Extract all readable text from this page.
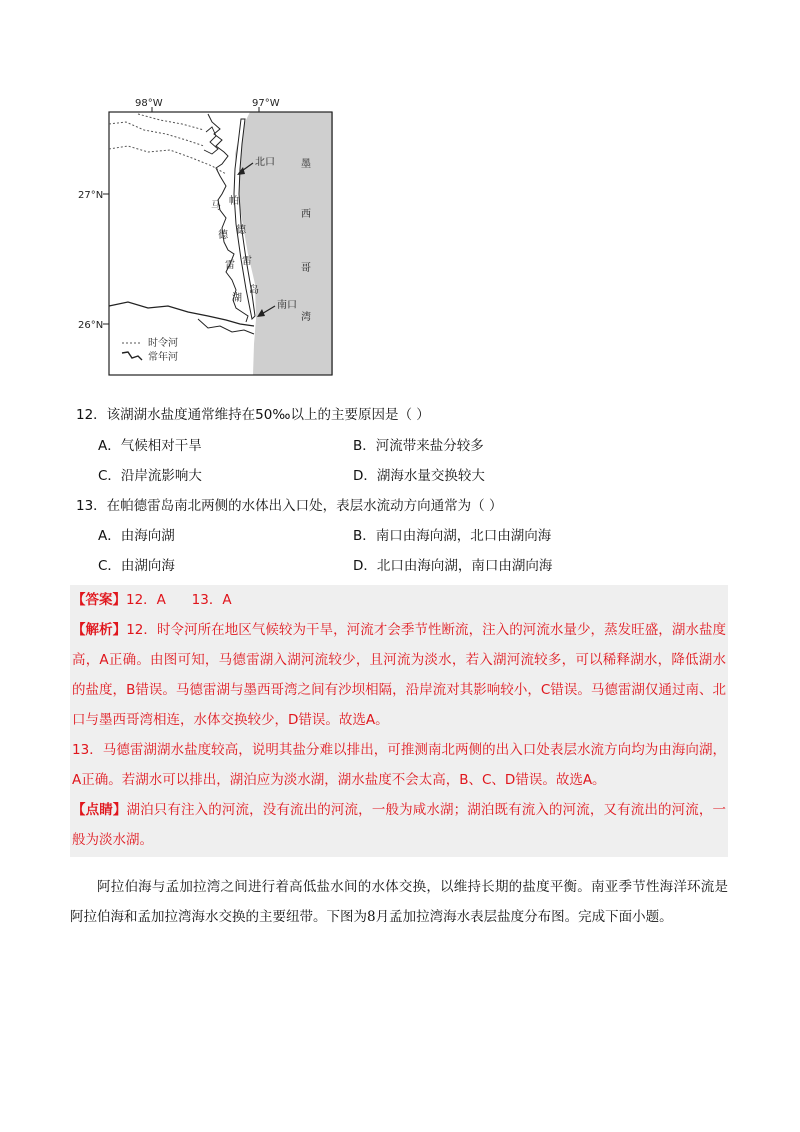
98°W	97°W
27°N
26°N
北口
南口
墨
西
哥
湾
帕
德
雷
岛
马
德
雷
湖
时令河
常年河
12．该湖湖水盐度通常维持在50‰以上的主要原因是（ ）
A．气候相对干旱	B．河流带来盐分较多
C．沿岸流影响大	D．湖海水量交换较大
13．在帕德雷岛南北两侧的水体出入口处，表层水流动方向通常为（ ）
A．由海向湖	B．南口由海向湖，北口由湖向海
C．由湖向海	D．北口由海向湖，南口由湖向海

【答案】12．A      13．A

【解析】12．时令河所在地区气候较为干旱，河流才会季节性断流，注入的河流水量少，蒸发旺盛，湖水盐度高，A正确。由图可知，马德雷湖入湖河流较少，且河流为淡水，若入湖河流较多，可以稀释湖水，降低湖水的盐度，B错误。马德雷湖与墨西哥湾之间有沙坝相隔，沿岸流对其影响较小，C错误。马德雷湖仅通过南、北口与墨西哥湾相连，水体交换较少，D错误。故选A。

13．马德雷湖湖水盐度较高，说明其盐分难以排出，可推测南北两侧的出入口处表层水流方向均为由海向湖，A正确。若湖水可以排出，湖泊应为淡水湖，湖水盐度不会太高，B、C、D错误。故选A。

【点睛】湖泊只有注入的河流，没有流出的河流，一般为咸水湖；湖泊既有流入的河流，又有流出的河流，一般为淡水湖。

阿拉伯海与孟加拉湾之间进行着高低盐水间的水体交换，以维持长期的盐度平衡。南亚季节性海洋环流是阿拉伯海和孟加拉湾海水交换的主要纽带。下图为8月孟加拉湾海水表层盐度分布图。完成下面小题。
